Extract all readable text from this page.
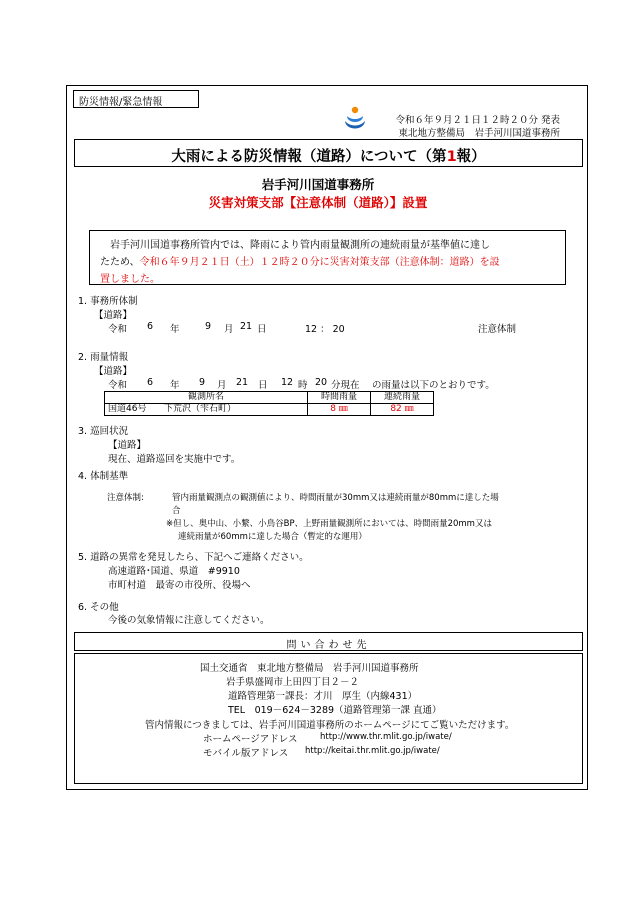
防災情報/緊急情報
令和６年９月２１日１２時２０分 発表
東北地方整備局　岩手河川国道事務所
大雨による防災情報（道路）について（第1報）
岩手河川国道事務所
災害対策支部【注意体制（道路）】設置
　岩手河川国道事務所管内では、降雨により管内雨量観測所の連続雨量が基準値に達し
たため、令和６年９月２１日（土）１２時２０分に災害対策支部（注意体制：道路）を設
置しました。
1. 事務所体制
【道路】
令和 6 年	9 月 21 日	12 ： 20	注意体制
2. 雨量情報
【道路】
令和 6 年 9 月 21 日 12 時 20 分現在 の雨量は以下のとおりです。
観測所名		時間雨量	連続雨量
国道46号	下荒沢（雫石町）	8 ㎜	82 ㎜
3. 巡回状況
【道路】
現在、道路巡回を実施中です。
4. 体制基準
注意体制:	管内雨量観測点の観測値により、時間雨量が30mm又は連続雨量が80mmに達した場
合
※但し、奥中山、小繋、小鳥谷BP、上野雨量観測所においては、時間雨量20mm又は
連続雨量が60mmに達した場合（暫定的な運用）
5. 道路の異常を発見したら、下記へご連絡ください。
高速道路･国道、県道　#9910
市町村道　最寄の市役所、役場へ
6. その他
今後の気象情報に注意してください。
問い合わせ先
国土交通省　東北地方整備局　岩手河川国道事務所
岩手県盛岡市上田四丁目２－２
道路管理第一課長：才川　厚生（内線431）
TEL　019－624－3289（道路管理第一課 直通）
管内情報につきましては、岩手河川国道事務所のホームページにてご覧いただけます。
ホームページアドレス	http://www.thr.mlit.go.jp/iwate/
モバイル版アドレス http://keitai.thr.mlit.go.jp/iwate/
